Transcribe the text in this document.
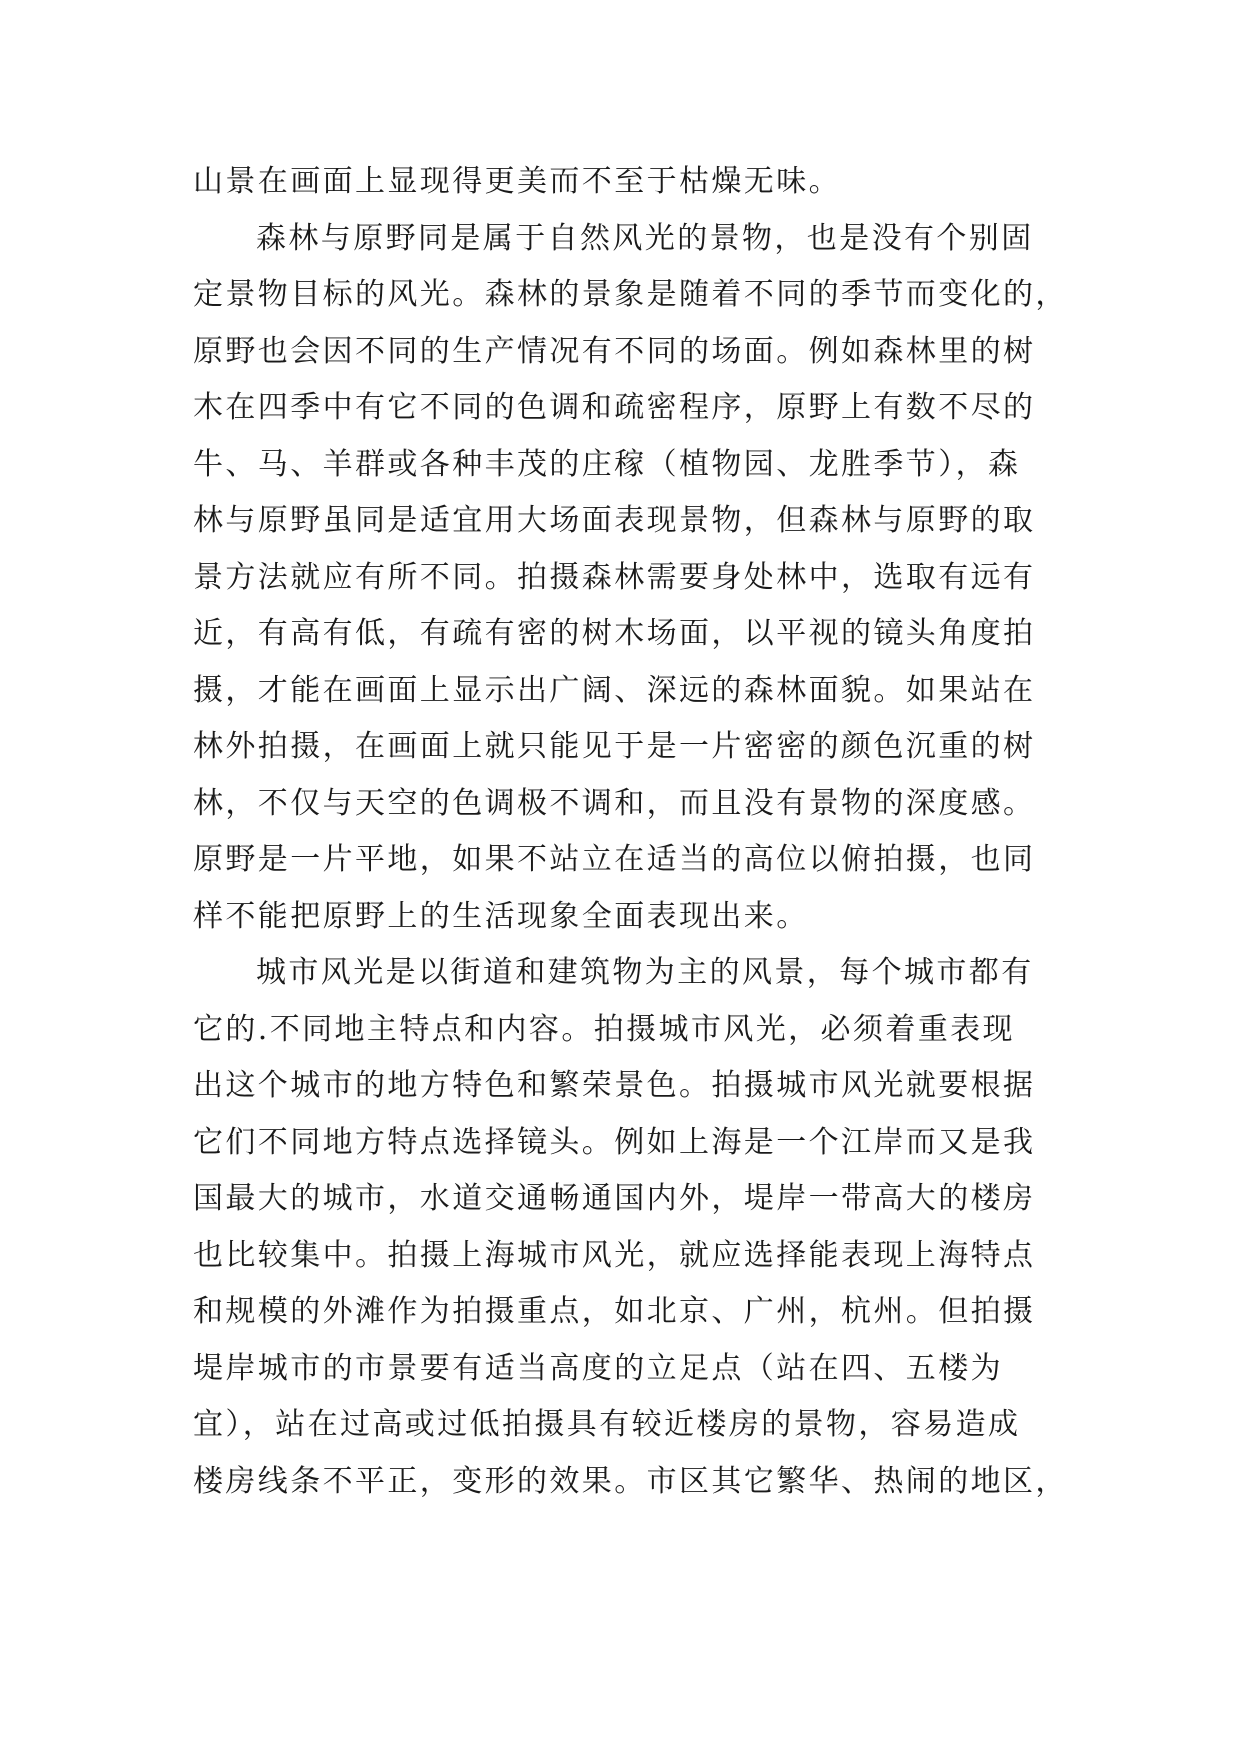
山景在画面上显现得更美而不至于枯燥无味。

森林与原野同是属于自然风光的景物，也是没有个别固
定景物目标的风光。森林的景象是随着不同的季节而变化的，
原野也会因不同的生产情况有不同的场面。例如森林里的树
木在四季中有它不同的色调和疏密程序，原野上有数不尽的
牛、马、羊群或各种丰茂的庄稼（植物园、龙胜季节），森
林与原野虽同是适宜用大场面表现景物，但森林与原野的取
景方法就应有所不同。拍摄森林需要身处林中，选取有远有
近，有高有低，有疏有密的树木场面，以平视的镜头角度拍
摄，才能在画面上显示出广阔、深远的森林面貌。如果站在
林外拍摄，在画面上就只能见于是一片密密的颜色沉重的树
林，不仅与天空的色调极不调和，而且没有景物的深度感。
原野是一片平地，如果不站立在适当的高位以俯拍摄，也同
样不能把原野上的生活现象全面表现出来。

城市风光是以街道和建筑物为主的风景，每个城市都有
它的.不同地主特点和内容。拍摄城市风光，必须着重表现
出这个城市的地方特色和繁荣景色。拍摄城市风光就要根据
它们不同地方特点选择镜头。例如上海是一个江岸而又是我
国最大的城市，水道交通畅通国内外，堤岸一带高大的楼房
也比较集中。拍摄上海城市风光，就应选择能表现上海特点
和规模的外滩作为拍摄重点，如北京、广州，杭州。但拍摄
堤岸城市的市景要有适当高度的立足点（站在四、五楼为
宜），站在过高或过低拍摄具有较近楼房的景物，容易造成
楼房线条不平正，变形的效果。市区其它繁华、热闹的地区，
